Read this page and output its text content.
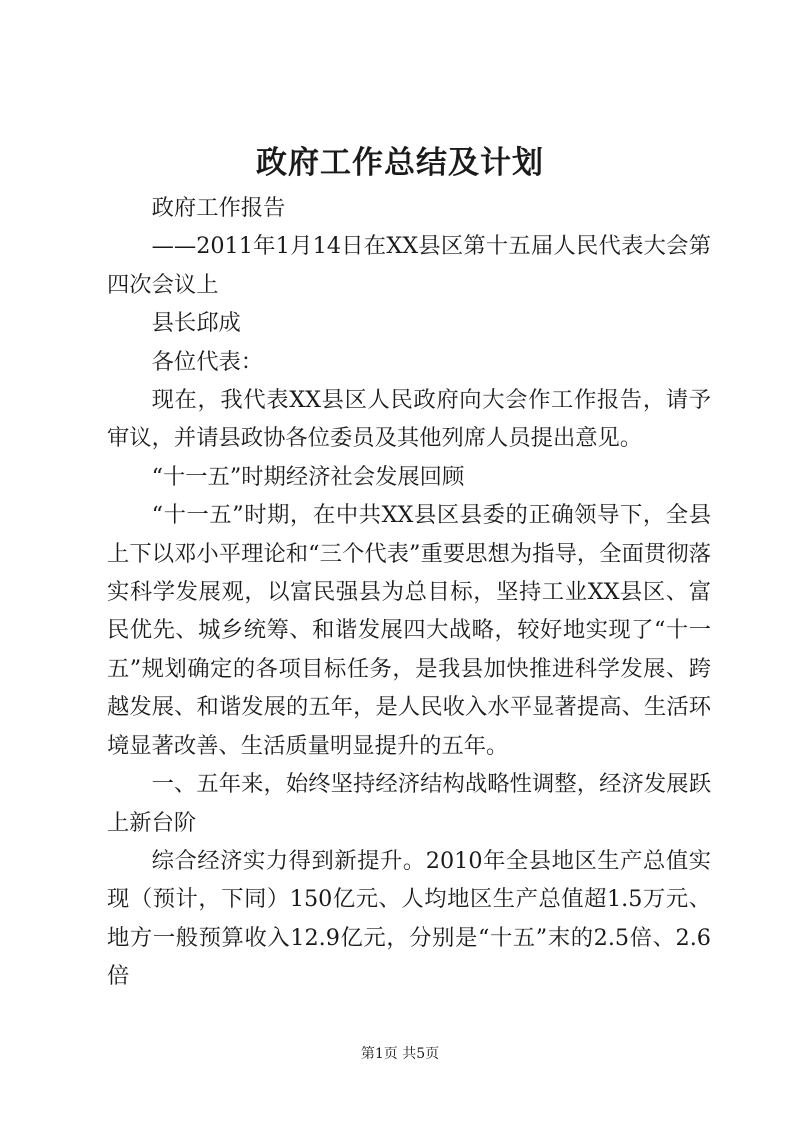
政府工作总结及计划

政府工作报告

——2011年1月14日在XX县区第十五届人民代表大会第四次会议上

县长邱成

各位代表：

现在，我代表XX县区人民政府向大会作工作报告，请予审议，并请县政协各位委员及其他列席人员提出意见。

“十一五”时期经济社会发展回顾

“十一五”时期，在中共XX县区县委的正确领导下，全县上下以邓小平理论和“三个代表”重要思想为指导，全面贯彻落实科学发展观，以富民强县为总目标，坚持工业XX县区、富民优先、城乡统筹、和谐发展四大战略，较好地实现了“十一五”规划确定的各项目标任务，是我县加快推进科学发展、跨越发展、和谐发展的五年，是人民收入水平显著提高、生活环境显著改善、生活质量明显提升的五年。

一、五年来，始终坚持经济结构战略性调整，经济发展跃上新台阶

综合经济实力得到新提升。2010年全县地区生产总值实现（预计，下同）150亿元、人均地区生产总值超1.5万元、地方一般预算收入12.9亿元，分别是“十五”末的2.5倍、2.6倍

第1页 共5页
